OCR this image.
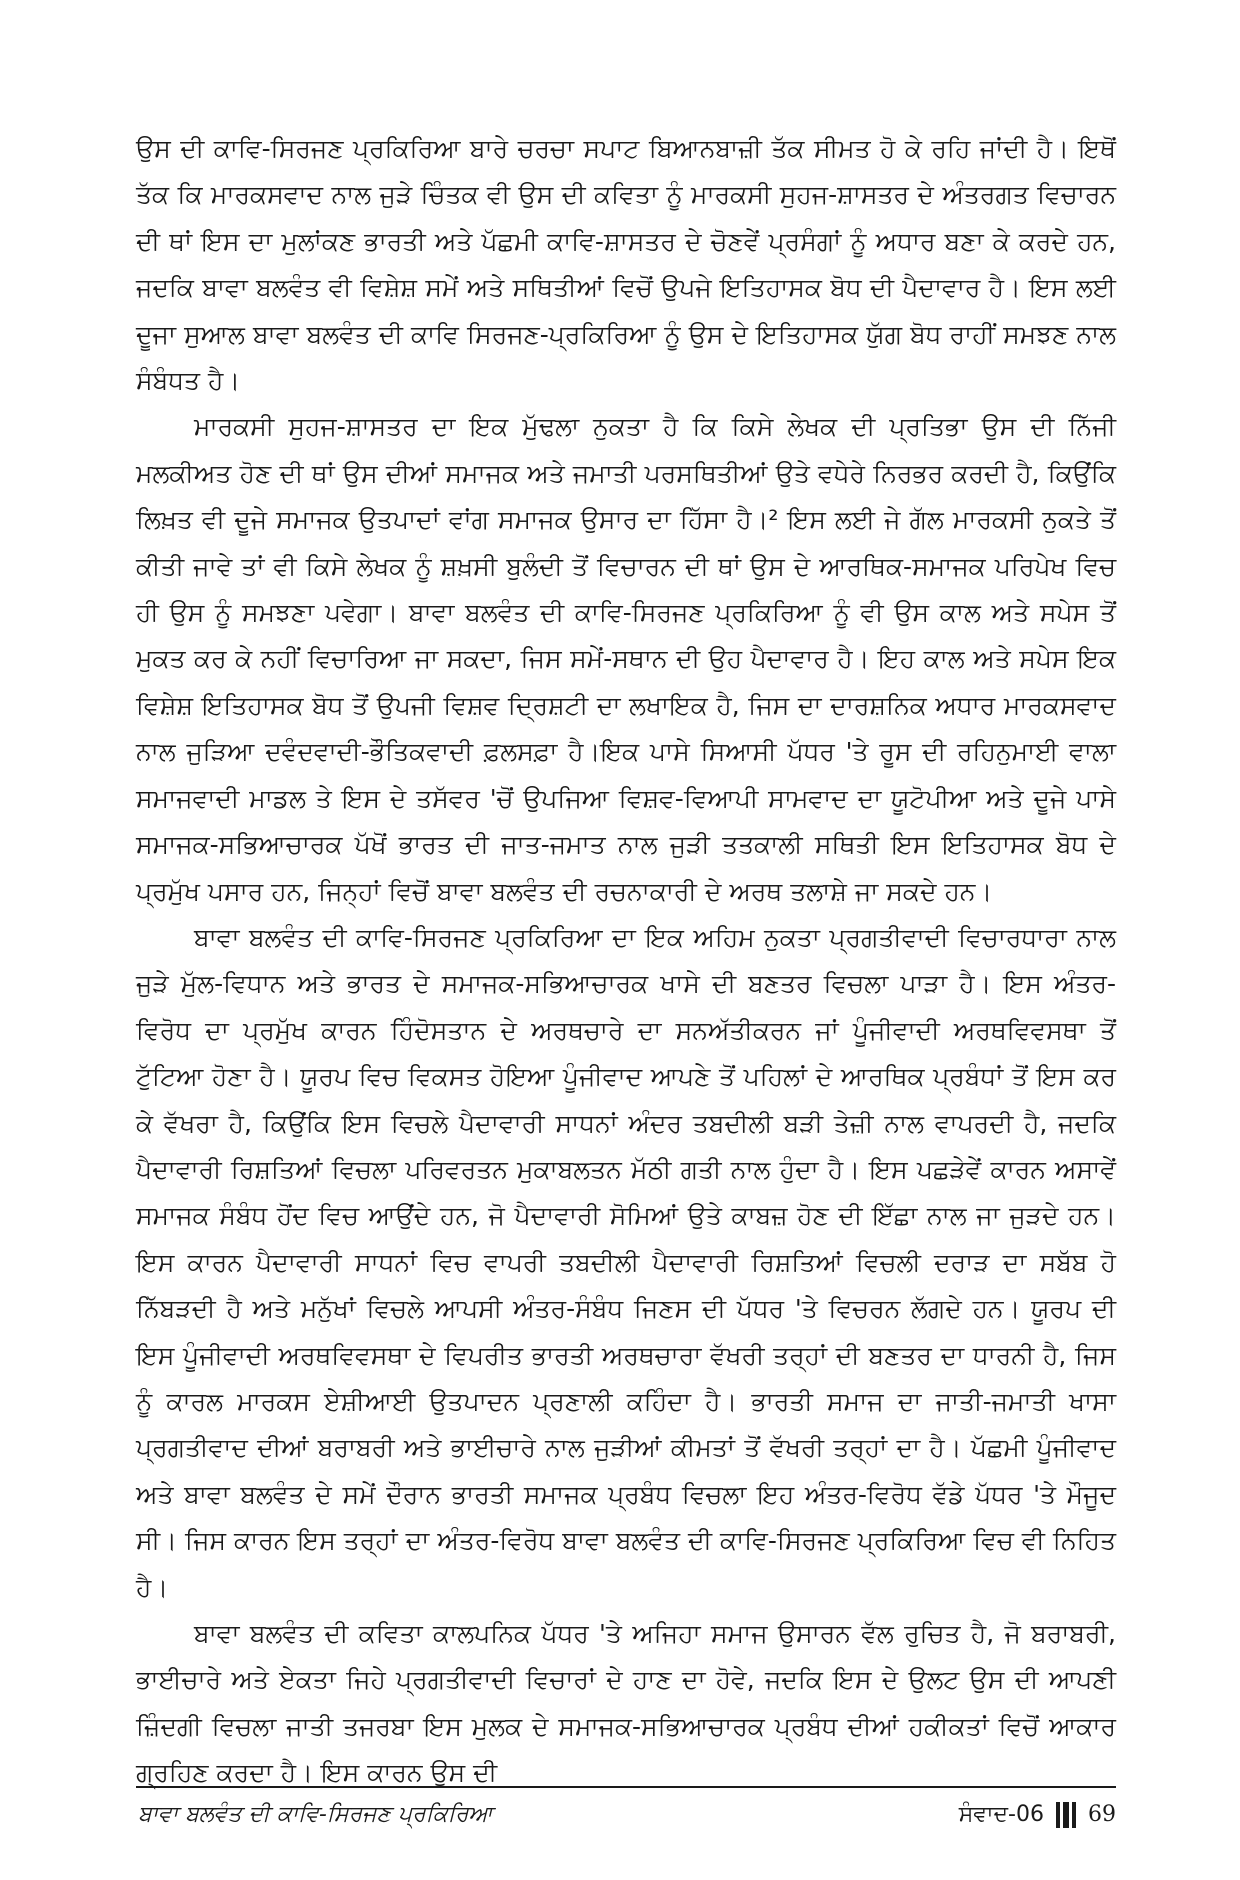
ਉਸ ਦੀ ਕਾਵਿ-ਸਿਰਜਣ ਪ੍ਰਕਿਰਿਆ ਬਾਰੇ ਚਰਚਾ ਸਪਾਟ ਬਿਆਨਬਾਜ਼ੀ ਤੱਕ ਸੀਮਤ ਹੋ ਕੇ ਰਹਿ ਜਾਂਦੀ ਹੈ। ਇਥੋਂ ਤੱਕ ਕਿ ਮਾਰਕਸਵਾਦ ਨਾਲ ਜੁੜੇ ਚਿੰਤਕ ਵੀ ਉਸ ਦੀ ਕਵਿਤਾ ਨੂੰ ਮਾਰਕਸੀ ਸੁਹਜ-ਸ਼ਾਸਤਰ ਦੇ ਅੰਤਰਗਤ ਵਿਚਾਰਨ ਦੀ ਥਾਂ ਇਸ ਦਾ ਮੁਲਾਂਕਣ ਭਾਰਤੀ ਅਤੇ ਪੱਛਮੀ ਕਾਵਿ-ਸ਼ਾਸਤਰ ਦੇ ਚੋਣਵੇਂ ਪ੍ਰਸੰਗਾਂ ਨੂੰ ਅਧਾਰ ਬਣਾ ਕੇ ਕਰਦੇ ਹਨ, ਜਦਕਿ ਬਾਵਾ ਬਲਵੰਤ ਵੀ ਵਿਸ਼ੇਸ਼ ਸਮੇਂ ਅਤੇ ਸਥਿਤੀਆਂ ਵਿਚੋਂ ਉਪਜੇ ਇਤਿਹਾਸਕ ਬੋਧ ਦੀ ਪੈਦਾਵਾਰ ਹੈ। ਇਸ ਲਈ ਦੂਜਾ ਸੁਆਲ ਬਾਵਾ ਬਲਵੰਤ ਦੀ ਕਾਵਿ ਸਿਰਜਣ-ਪ੍ਰਕਿਰਿਆ ਨੂੰ ਉਸ ਦੇ ਇਤਿਹਾਸਕ ਯੁੱਗ ਬੋਧ ਰਾਹੀਂ ਸਮਝਣ ਨਾਲ ਸੰਬੰਧਤ ਹੈ।

ਮਾਰਕਸੀ ਸੁਹਜ-ਸ਼ਾਸਤਰ ਦਾ ਇਕ ਮੁੱਢਲਾ ਨੁਕਤਾ ਹੈ ਕਿ ਕਿਸੇ ਲੇਖਕ ਦੀ ਪ੍ਰਤਿਭਾ ਉਸ ਦੀ ਨਿੱਜੀ ਮਲਕੀਅਤ ਹੋਣ ਦੀ ਥਾਂ ਉਸ ਦੀਆਂ ਸਮਾਜਕ ਅਤੇ ਜਮਾਤੀ ਪਰਸਥਿਤੀਆਂ ਉਤੇ ਵਧੇਰੇ ਨਿਰਭਰ ਕਰਦੀ ਹੈ, ਕਿਉਂਕਿ ਲਿਖ਼ਤ ਵੀ ਦੂਜੇ ਸਮਾਜਕ ਉਤਪਾਦਾਂ ਵਾਂਗ ਸਮਾਜਕ ਉਸਾਰ ਦਾ ਹਿੱਸਾ ਹੈ।² ਇਸ ਲਈ ਜੇ ਗੱਲ ਮਾਰਕਸੀ ਨੁਕਤੇ ਤੋਂ ਕੀਤੀ ਜਾਵੇ ਤਾਂ ਵੀ ਕਿਸੇ ਲੇਖਕ ਨੂੰ ਸ਼ਖ਼ਸੀ ਬੁਲੰਦੀ ਤੋਂ ਵਿਚਾਰਨ ਦੀ ਥਾਂ ਉਸ ਦੇ ਆਰਥਿਕ-ਸਮਾਜਕ ਪਰਿਪੇਖ ਵਿਚ ਹੀ ਉਸ ਨੂੰ ਸਮਝਣਾ ਪਵੇਗਾ। ਬਾਵਾ ਬਲਵੰਤ ਦੀ ਕਾਵਿ-ਸਿਰਜਣ ਪ੍ਰਕਿਰਿਆ ਨੂੰ ਵੀ ਉਸ ਕਾਲ ਅਤੇ ਸਪੇਸ ਤੋਂ ਮੁਕਤ ਕਰ ਕੇ ਨਹੀਂ ਵਿਚਾਰਿਆ ਜਾ ਸਕਦਾ, ਜਿਸ ਸਮੇਂ-ਸਥਾਨ ਦੀ ਉਹ ਪੈਦਾਵਾਰ ਹੈ। ਇਹ ਕਾਲ ਅਤੇ ਸਪੇਸ ਇਕ ਵਿਸ਼ੇਸ਼ ਇਤਿਹਾਸਕ ਬੋਧ ਤੋਂ ਉਪਜੀ ਵਿਸ਼ਵ ਦ੍ਰਿਸ਼ਟੀ ਦਾ ਲਖਾਇਕ ਹੈ, ਜਿਸ ਦਾ ਦਾਰਸ਼ਨਿਕ ਅਧਾਰ ਮਾਰਕਸਵਾਦ ਨਾਲ ਜੁੜਿਆ ਦਵੰਦਵਾਦੀ-ਭੌਤਿਕਵਾਦੀ ਫ਼ਲਸਫ਼ਾ ਹੈ।ਇਕ ਪਾਸੇ ਸਿਆਸੀ ਪੱਧਰ 'ਤੇ ਰੂਸ ਦੀ ਰਹਿਨੁਮਾਈ ਵਾਲਾ ਸਮਾਜਵਾਦੀ ਮਾਡਲ ਤੇ ਇਸ ਦੇ ਤਸੱਵਰ 'ਚੋਂ ਉਪਜਿਆ ਵਿਸ਼ਵ-ਵਿਆਪੀ ਸਾਮਵਾਦ ਦਾ ਯੂਟੋਪੀਆ ਅਤੇ ਦੂਜੇ ਪਾਸੇ ਸਮਾਜਕ-ਸਭਿਆਚਾਰਕ ਪੱਖੋਂ ਭਾਰਤ ਦੀ ਜਾਤ-ਜਮਾਤ ਨਾਲ ਜੁੜੀ ਤਤਕਾਲੀ ਸਥਿਤੀ ਇਸ ਇਤਿਹਾਸਕ ਬੋਧ ਦੇ ਪ੍ਰਮੁੱਖ ਪਸਾਰ ਹਨ, ਜਿਨ੍ਹਾਂ ਵਿਚੋਂ ਬਾਵਾ ਬਲਵੰਤ ਦੀ ਰਚਨਾਕਾਰੀ ਦੇ ਅਰਥ ਤਲਾਸ਼ੇ ਜਾ ਸਕਦੇ ਹਨ।

ਬਾਵਾ ਬਲਵੰਤ ਦੀ ਕਾਵਿ-ਸਿਰਜਣ ਪ੍ਰਕਿਰਿਆ ਦਾ ਇਕ ਅਹਿਮ ਨੁਕਤਾ ਪ੍ਰਗਤੀਵਾਦੀ ਵਿਚਾਰਧਾਰਾ ਨਾਲ ਜੁੜੇ ਮੁੱਲ-ਵਿਧਾਨ ਅਤੇ ਭਾਰਤ ਦੇ ਸਮਾਜਕ-ਸਭਿਆਚਾਰਕ ਖਾਸੇ ਦੀ ਬਣਤਰ ਵਿਚਲਾ ਪਾੜਾ ਹੈ। ਇਸ ਅੰਤਰ-ਵਿਰੋਧ ਦਾ ਪ੍ਰਮੁੱਖ ਕਾਰਨ ਹਿੰਦੋਸਤਾਨ ਦੇ ਅਰਥਚਾਰੇ ਦਾ ਸਨਅੱਤੀਕਰਨ ਜਾਂ ਪੂੰਜੀਵਾਦੀ ਅਰਥਵਿਵਸਥਾ ਤੋਂ ਟੁੱਟਿਆ ਹੋਣਾ ਹੈ। ਯੂਰਪ ਵਿਚ ਵਿਕਸਤ ਹੋਇਆ ਪੂੰਜੀਵਾਦ ਆਪਣੇ ਤੋਂ ਪਹਿਲਾਂ ਦੇ ਆਰਥਿਕ ਪ੍ਰਬੰਧਾਂ ਤੋਂ ਇਸ ਕਰ ਕੇ ਵੱਖਰਾ ਹੈ, ਕਿਉਂਕਿ ਇਸ ਵਿਚਲੇ ਪੈਦਾਵਾਰੀ ਸਾਧਨਾਂ ਅੰਦਰ ਤਬਦੀਲੀ ਬੜੀ ਤੇਜ਼ੀ ਨਾਲ ਵਾਪਰਦੀ ਹੈ, ਜਦਕਿ ਪੈਦਾਵਾਰੀ ਰਿਸ਼ਤਿਆਂ ਵਿਚਲਾ ਪਰਿਵਰਤਨ ਮੁਕਾਬਲਤਨ ਮੱਠੀ ਗਤੀ ਨਾਲ ਹੁੰਦਾ ਹੈ। ਇਸ ਪਛੜੇਵੇਂ ਕਾਰਨ ਅਸਾਵੇਂ ਸਮਾਜਕ ਸੰਬੰਧ ਹੋਂਦ ਵਿਚ ਆਉਂਦੇ ਹਨ, ਜੋ ਪੈਦਾਵਾਰੀ ਸੋਮਿਆਂ ਉਤੇ ਕਾਬਜ਼ ਹੋਣ ਦੀ ਇੱਛਾ ਨਾਲ ਜਾ ਜੁੜਦੇ ਹਨ। ਇਸ ਕਾਰਨ ਪੈਦਾਵਾਰੀ ਸਾਧਨਾਂ ਵਿਚ ਵਾਪਰੀ ਤਬਦੀਲੀ ਪੈਦਾਵਾਰੀ ਰਿਸ਼ਤਿਆਂ ਵਿਚਲੀ ਦਰਾੜ ਦਾ ਸਬੱਬ ਹੋ ਨਿੱਬੜਦੀ ਹੈ ਅਤੇ ਮਨੁੱਖਾਂ ਵਿਚਲੇ ਆਪਸੀ ਅੰਤਰ-ਸੰਬੰਧ ਜਿਣਸ ਦੀ ਪੱਧਰ 'ਤੇ ਵਿਚਰਨ ਲੱਗਦੇ ਹਨ। ਯੂਰਪ ਦੀ ਇਸ ਪੂੰਜੀਵਾਦੀ ਅਰਥਵਿਵਸਥਾ ਦੇ ਵਿਪਰੀਤ ਭਾਰਤੀ ਅਰਥਚਾਰਾ ਵੱਖਰੀ ਤਰ੍ਹਾਂ ਦੀ ਬਣਤਰ ਦਾ ਧਾਰਨੀ ਹੈ, ਜਿਸ ਨੂੰ ਕਾਰਲ ਮਾਰਕਸ ਏਸ਼ੀਆਈ ਉਤਪਾਦਨ ਪ੍ਰਣਾਲੀ ਕਹਿੰਦਾ ਹੈ। ਭਾਰਤੀ ਸਮਾਜ ਦਾ ਜਾਤੀ-ਜਮਾਤੀ ਖਾਸਾ ਪ੍ਰਗਤੀਵਾਦ ਦੀਆਂ ਬਰਾਬਰੀ ਅਤੇ ਭਾਈਚਾਰੇ ਨਾਲ ਜੁੜੀਆਂ ਕੀਮਤਾਂ ਤੋਂ ਵੱਖਰੀ ਤਰ੍ਹਾਂ ਦਾ ਹੈ। ਪੱਛਮੀ ਪੂੰਜੀਵਾਦ ਅਤੇ ਬਾਵਾ ਬਲਵੰਤ ਦੇ ਸਮੇਂ ਦੌਰਾਨ ਭਾਰਤੀ ਸਮਾਜਕ ਪ੍ਰਬੰਧ ਵਿਚਲਾ ਇਹ ਅੰਤਰ-ਵਿਰੋਧ ਵੱਡੇ ਪੱਧਰ 'ਤੇ ਮੌਜੂਦ ਸੀ। ਜਿਸ ਕਾਰਨ ਇਸ ਤਰ੍ਹਾਂ ਦਾ ਅੰਤਰ-ਵਿਰੋਧ ਬਾਵਾ ਬਲਵੰਤ ਦੀ ਕਾਵਿ-ਸਿਰਜਣ ਪ੍ਰਕਿਰਿਆ ਵਿਚ ਵੀ ਨਿਹਿਤ ਹੈ।

ਬਾਵਾ ਬਲਵੰਤ ਦੀ ਕਵਿਤਾ ਕਾਲਪਨਿਕ ਪੱਧਰ 'ਤੇ ਅਜਿਹਾ ਸਮਾਜ ਉਸਾਰਨ ਵੱਲ ਰੁਚਿਤ ਹੈ, ਜੋ ਬਰਾਬਰੀ, ਭਾਈਚਾਰੇ ਅਤੇ ਏਕਤਾ ਜਿਹੇ ਪ੍ਰਗਤੀਵਾਦੀ ਵਿਚਾਰਾਂ ਦੇ ਹਾਣ ਦਾ ਹੋਵੇ, ਜਦਕਿ ਇਸ ਦੇ ਉਲਟ ਉਸ ਦੀ ਆਪਣੀ ਜ਼ਿੰਦਗੀ ਵਿਚਲਾ ਜਾਤੀ ਤਜਰਬਾ ਇਸ ਮੁਲਕ ਦੇ ਸਮਾਜਕ-ਸਭਿਆਚਾਰਕ ਪ੍ਰਬੰਧ ਦੀਆਂ ਹਕੀਕਤਾਂ ਵਿਚੋਂ ਆਕਾਰ ਗ੍ਰਹਿਣ ਕਰਦਾ ਹੈ। ਇਸ ਕਾਰਨ ਉਸ ਦੀ

ਬਾਵਾ ਬਲਵੰਤ ਦੀ ਕਾਵਿ-ਸਿਰਜਣ ਪ੍ਰਕਿਰਿਆ	ਸੰਵਾਦ-06 69
